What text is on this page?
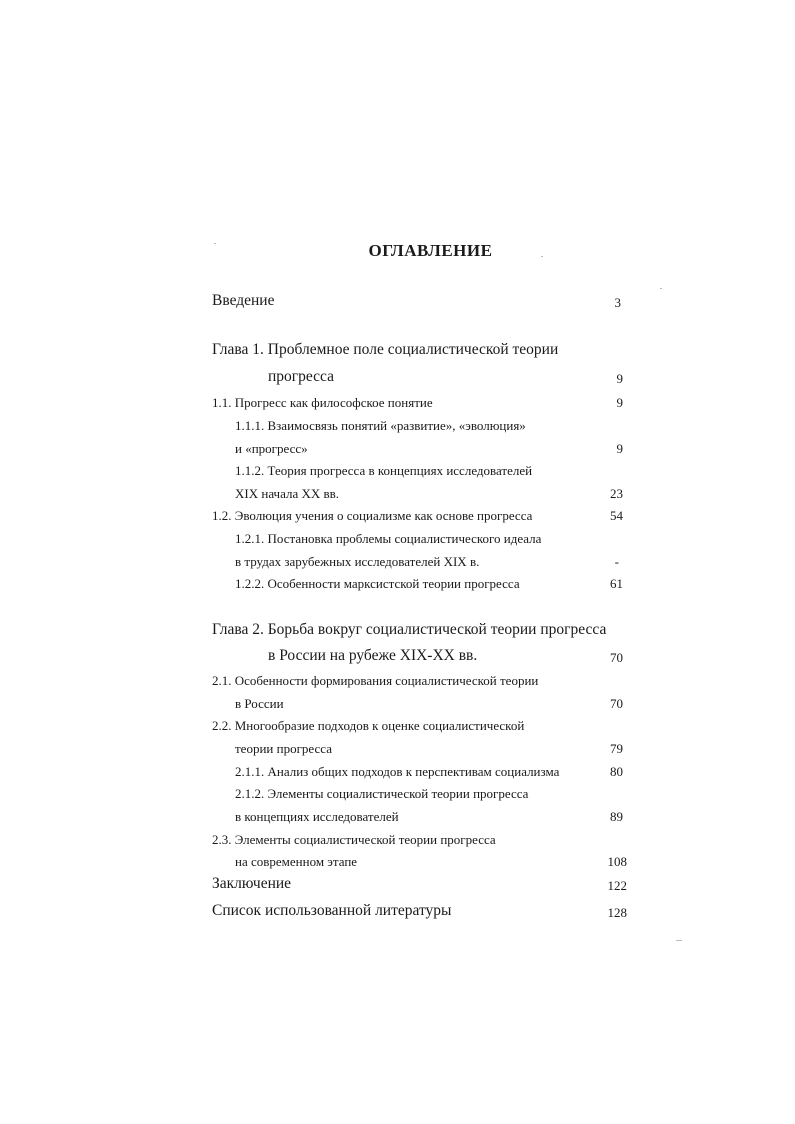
ОГЛАВЛЕНИЕ
Введение	3
Глава 1. Проблемное поле социалистической теории
прогресса	9
1.1. Прогресс как философское понятие	9
1.1.1. Взаимосвязь понятий «развитие», «эволюция»
и «прогресс»	9
1.1.2. Теория прогресса в концепциях исследователей
XIX начала XX вв.	23
1.2. Эволюция учения о социализме как основе прогресса	54
1.2.1. Постановка проблемы социалистического идеала
в трудах зарубежных исследователей XIX в.	-
1.2.2. Особенности марксистской теории прогресса	61
Глава 2. Борьба вокруг социалистической теории прогресса
в России на рубеже XIX-XX вв.	70
2.1. Особенности формирования социалистической теории
в России	70
2.2. Многообразие подходов к оценке социалистической
теории прогресса	79
2.1.1. Анализ общих подходов к перспективам социализма	80
2.1.2. Элементы социалистической теории прогресса
в концепциях исследователей	89
2.3. Элементы социалистической теории прогресса
на современном этапе	108
Заключение	122
Список использованной литературы	128
